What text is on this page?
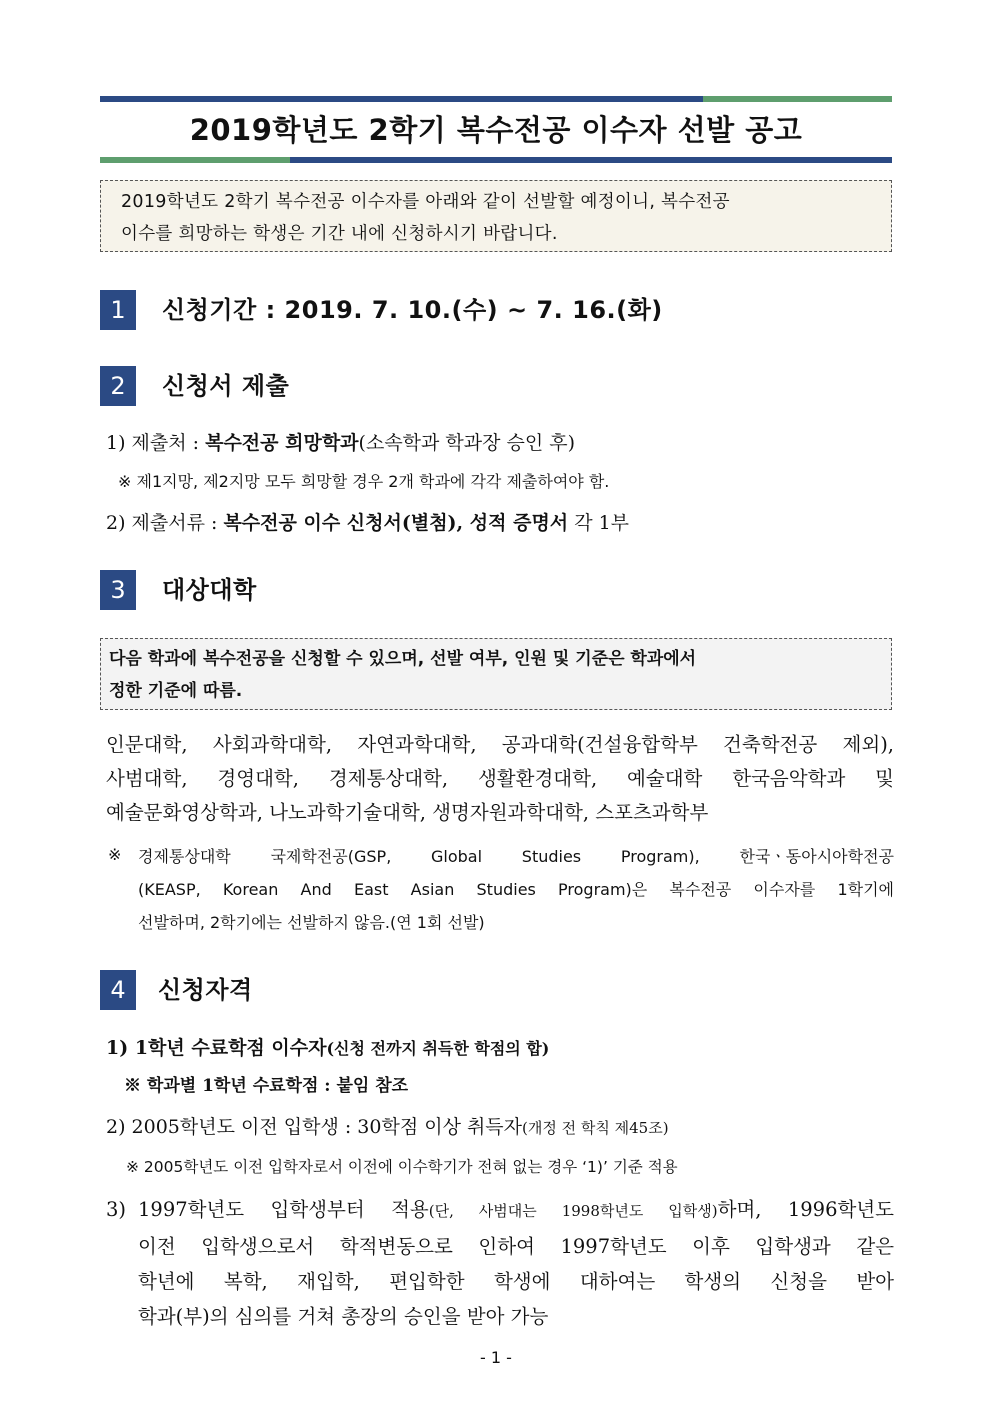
2019학년도 2학기 복수전공 이수자 선발 공고
2019학년도 2학기 복수전공 이수자를 아래와 같이 선발할 예정이니, 복수전공
이수를 희망하는 학생은 기간 내에 신청하시기 바랍니다.
1	신청기간 : 2019. 7. 10.(수) ~ 7. 16.(화)
2	신청서 제출
1) 제출처 : 복수전공 희망학과(소속학과 학과장 승인 후)
※ 제1지망, 제2지망 모두 희망할 경우 2개 학과에 각각 제출하여야 함.
2) 제출서류 : 복수전공 이수 신청서(별첨), 성적 증명서 각 1부
3	대상대학
다음 학과에 복수전공을 신청할 수 있으며, 선발 여부, 인원 및 기준은 학과에서
정한 기준에 따름.
인문대학, 사회과학대학, 자연과학대학, 공과대학(건설융합학부 건축학전공 제외),
사범대학, 경영대학, 경제통상대학, 생활환경대학, 예술대학 한국음악학과 및
예술문화영상학과, 나노과학기술대학, 생명자원과학대학, 스포츠과학부
※ 경제통상대학 국제학전공(GSP, Global Studies Program), 한국ㆍ동아시아학전공
(KEASP, Korean And East Asian Studies Program)은 복수전공 이수자를 1학기에
선발하며, 2학기에는 선발하지 않음.(연 1회 선발)
4	신청자격
1) 1학년 수료학점 이수자(신청 전까지 취득한 학점의 합)
※ 학과별 1학년 수료학점 : 붙임 참조
2) 2005학년도 이전 입학생 : 30학점 이상 취득자(개정 전 학칙 제45조)
※ 2005학년도 이전 입학자로서 이전에 이수학기가 전혀 없는 경우 ‘1)’ 기준 적용
3) 1997학년도 입학생부터 적용(단, 사범대는 1998학년도 입학생)하며, 1996학년도
이전 입학생으로서 학적변동으로 인하여 1997학년도 이후 입학생과 같은
학년에 복학, 재입학, 편입학한 학생에 대하여는 학생의 신청을 받아
학과(부)의 심의를 거쳐 총장의 승인을 받아 가능
- 1 -
